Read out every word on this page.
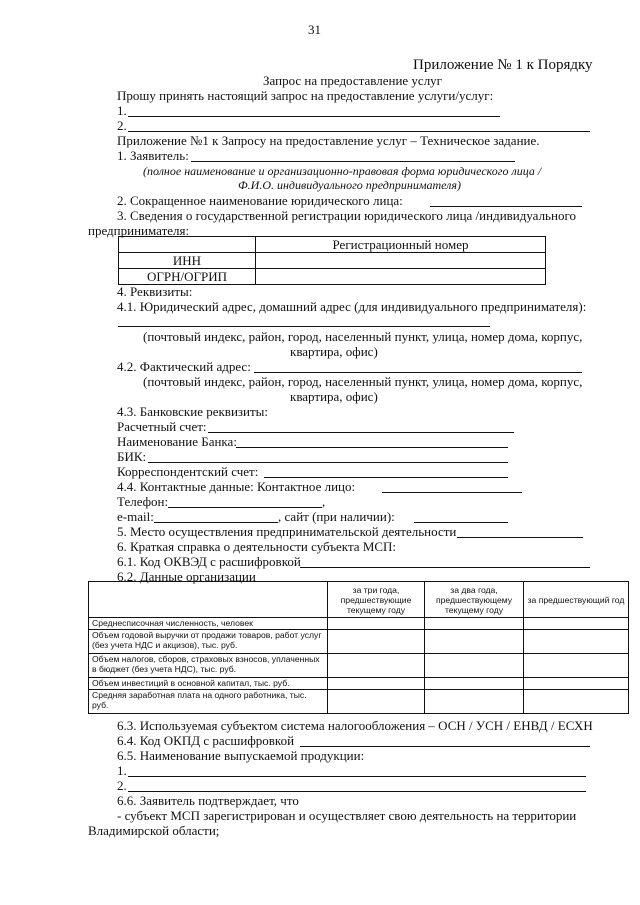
31
Приложение № 1 к Порядку
Запрос на предоставление услуг
Прошу принять настоящий запрос на предоставление услуги/услуг:
1.
2.
Приложение №1 к Запросу на предоставление услуг – Техническое задание.
1. Заявитель:
(полное наименование и организационно-правовая форма юридического лица /
Ф.И.О. индивидуального предпринимателя)
2. Сокращенное наименование юридического лица:
3. Сведения о государственной регистрации юридического лица /индивидуального
предпринимателя:
	Регистрационный номер
ИНН	
ОГРН/ОГРИП	
4. Реквизиты:
4.1. Юридический адрес, домашний адрес (для индивидуального предпринимателя):
(почтовый индекс, район, город, населенный пункт, улица, номер дома, корпус,
квартира, офис)
4.2. Фактический адрес:
(почтовый индекс, район, город, населенный пункт, улица, номер дома, корпус,
квартира, офис)
4.3. Банковские реквизиты:
Расчетный счет:
Наименование Банка:
БИК:
Корреспондентский счет:
4.4. Контактные данные: Контактное лицо:
Телефон:	,
e-mail:	, сайт (при наличии):
5. Место осуществления предпринимательской деятельности
6. Краткая справка о деятельности субъекта МСП:
6.1. Код ОКВЭД с расшифровкой
6.2. Данные организации
	за три года, предшествующие текущему году	за два года, предшествующему текущему году	за предшествующий год
Среднесписочная численность, человек			
Объем годовой выручки от продажи товаров, работ услуг (без учета НДС и акцизов), тыс. руб.			
Объем налогов, сборов, страховых взносов, уплаченных в бюджет (без учета НДС), тыс. руб.			
Объем инвестиций в основной капитал, тыс. руб.			
Средняя заработная плата на одного работника, тыс. руб.			
6.3. Используемая субъектом система налогообложения – ОСН / УСН / ЕНВД / ЕСХН
6.4. Код ОКПД с расшифровкой
6.5. Наименование выпускаемой продукции:
1.
2.
6.6. Заявитель подтверждает, что
- субъект МСП зарегистрирован и осуществляет свою деятельность на территории
Владимирской области;
